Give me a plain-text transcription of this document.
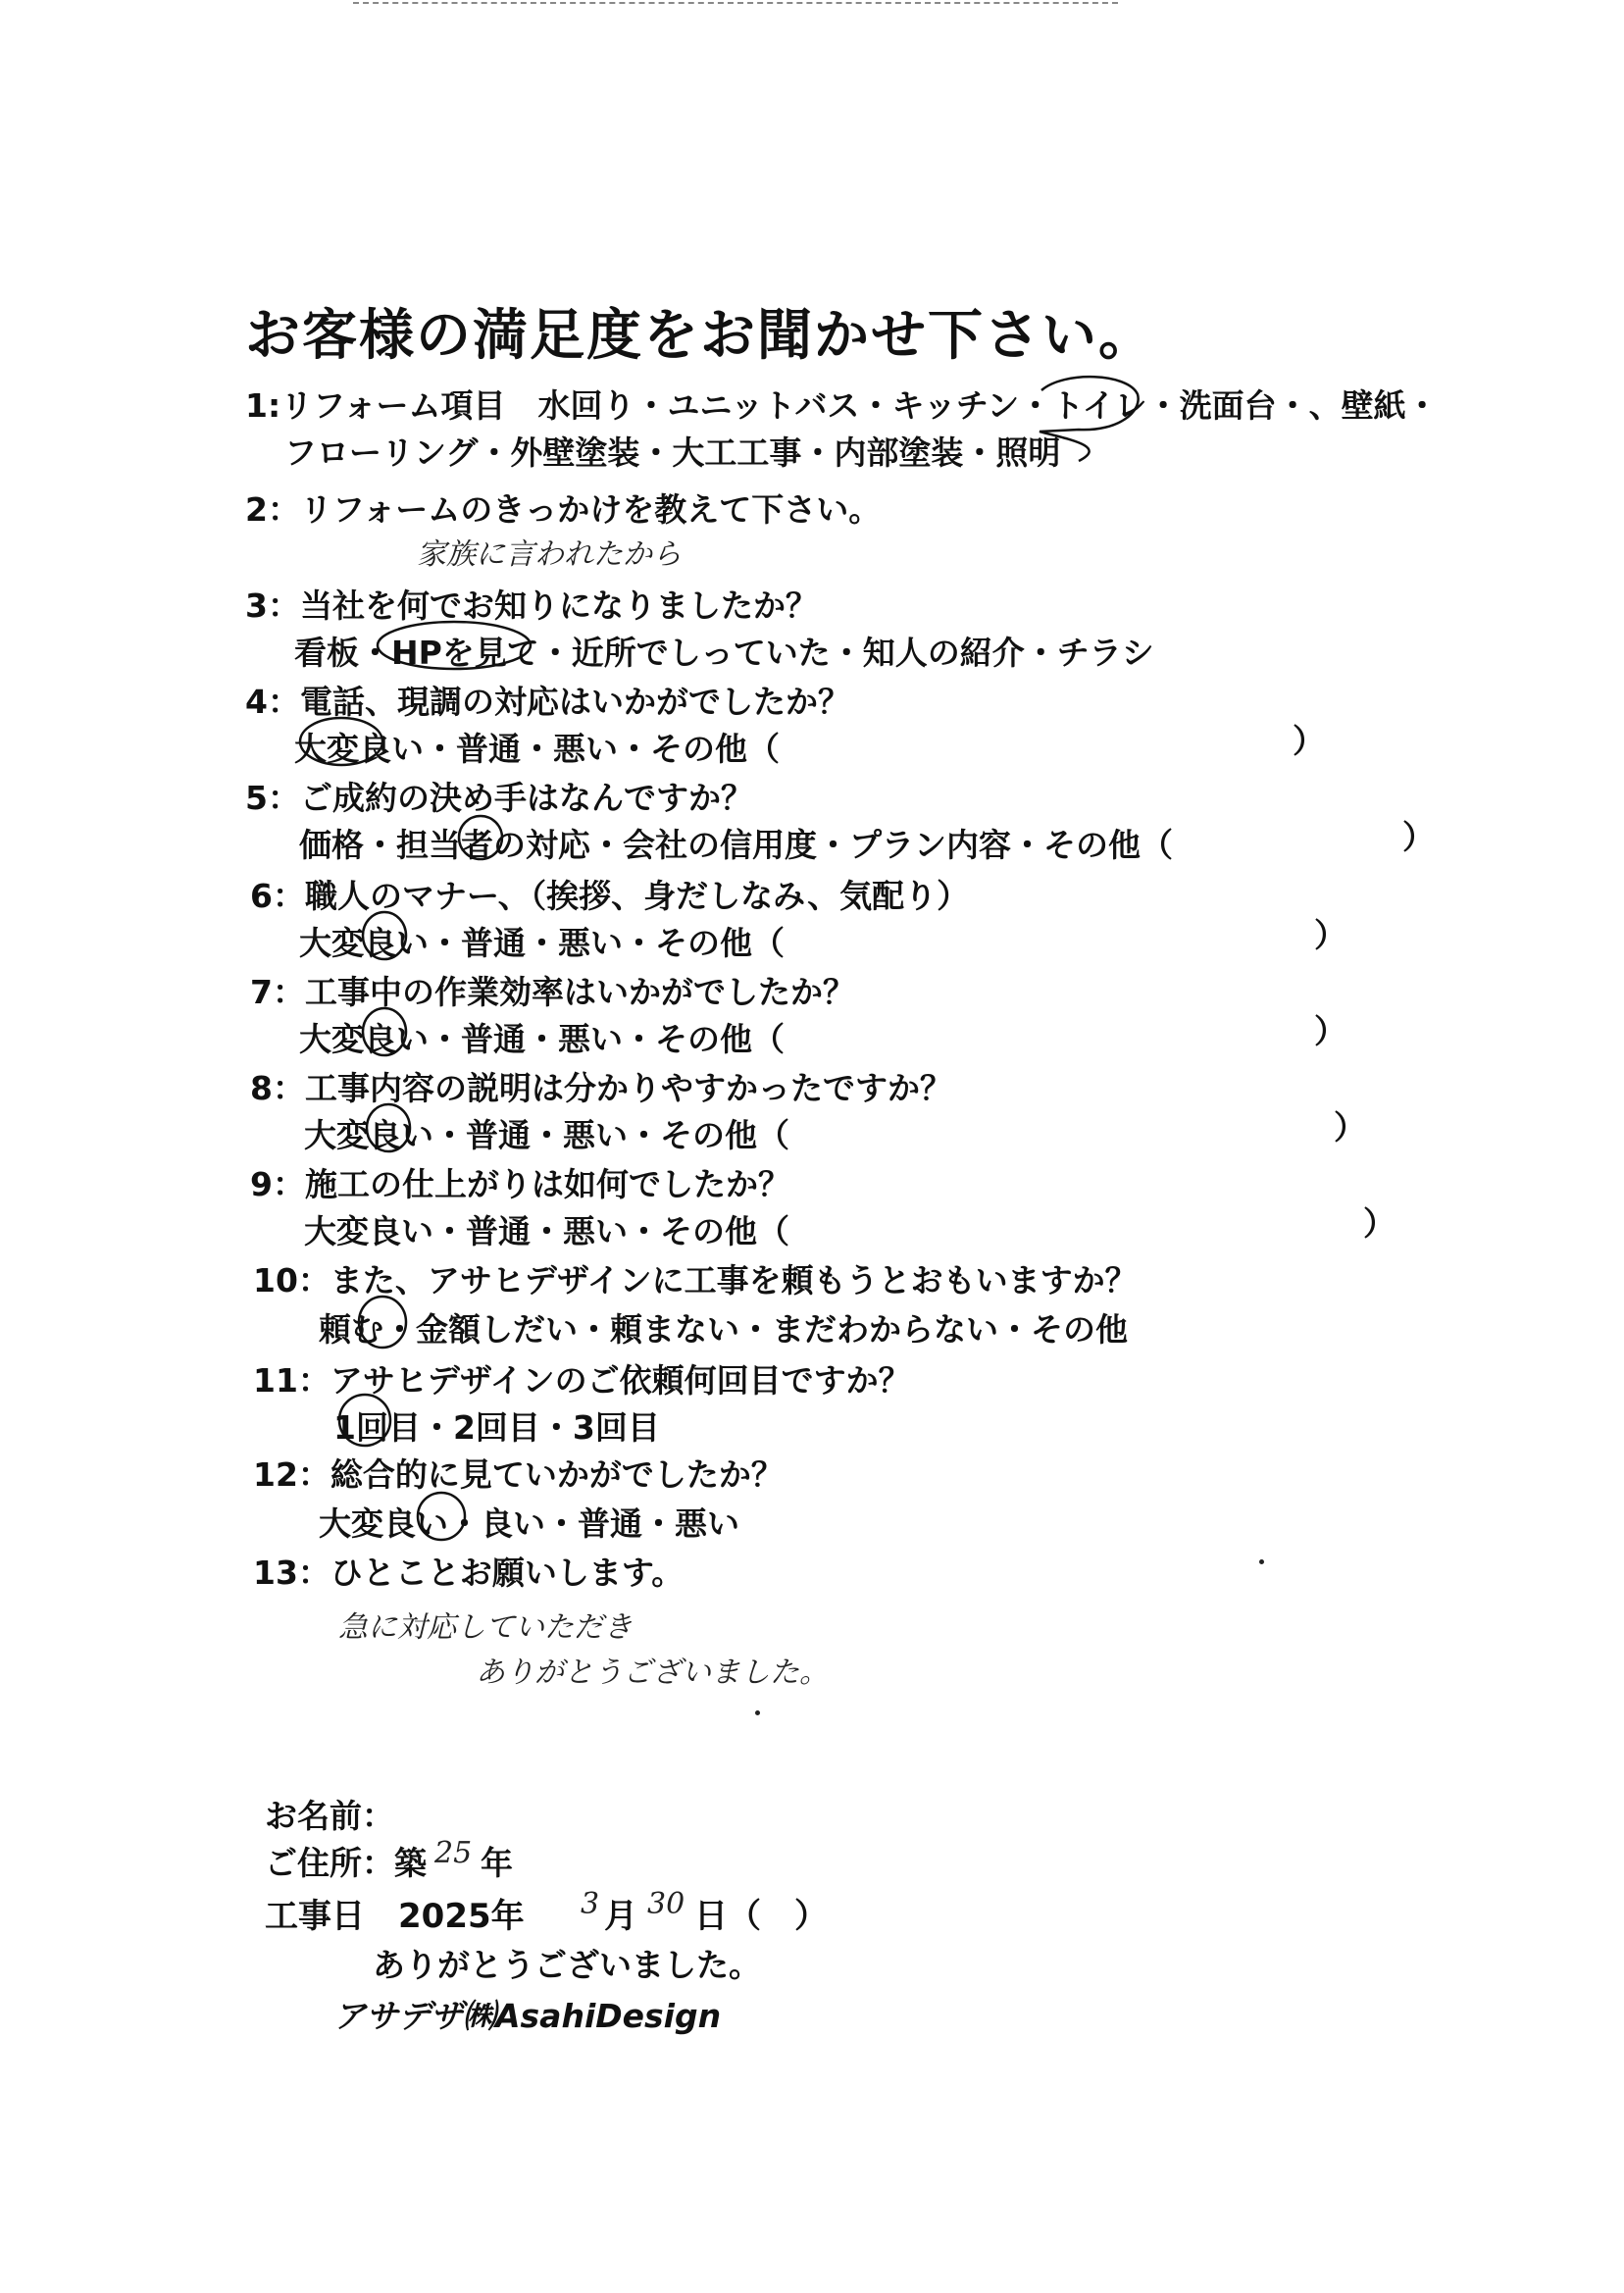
お客様の満足度をお聞かせ下さい。
1:リフォーム項目　水回り・ユニットバス・キッチン・トイレ・洗面台・、壁紙・
フローリング・外壁塗装・大工工事・内部塗装・照明
2：リフォームのきっかけを教えて下さい。
家族に言われたから
3：当社を何でお知りになりましたか？
看板・HPを見て・近所でしっていた・知人の紹介・チラシ
4：電話、現調の対応はいかがでしたか？
大変良い・普通・悪い・その他（	）
5：ご成約の決め手はなんですか？
価格・担当者の対応・会社の信用度・プラン内容・その他（	）
6：職人のマナー、（挨拶、身だしなみ、気配り）
大変良い・普通・悪い・その他（	）
7：工事中の作業効率はいかがでしたか？
大変良い・普通・悪い・その他（	）
8：工事内容の説明は分かりやすかったですか？
大変良い・普通・悪い・その他（	）
9：施工の仕上がりは如何でしたか？
大変良い・普通・悪い・その他（	）
10：また、アサヒデザインに工事を頼もうとおもいますか？
頼む・金額しだい・頼まない・まだわからない・その他
11：アサヒデザインのご依頼何回目ですか？
1回目・2回目・3回目
12：総合的に見ていかがでしたか？
大変良い・良い・普通・悪い
13：ひとことお願いします。
急に対応していただき
ありがとうございました。
お名前：
ご住所：築 25 年
工事日　2025年 3 月 30 日（　）
ありがとうございました。
アサデザ㈱AsahiDesign
